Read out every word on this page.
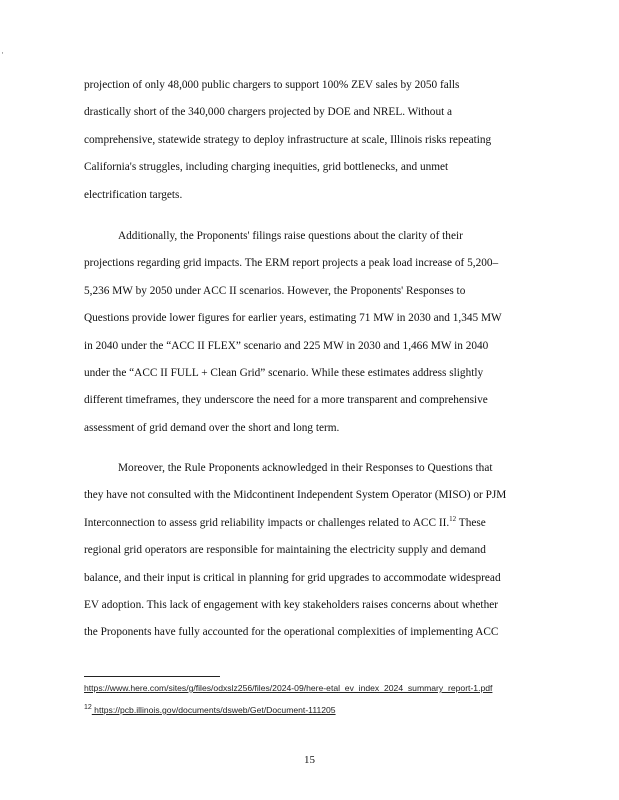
·
projection of only 48,000 public chargers to support 100% ZEV sales by 2050 falls
drastically short of the 340,000 chargers projected by DOE and NREL. Without a
comprehensive, statewide strategy to deploy infrastructure at scale, Illinois risks repeating
California's struggles, including charging inequities, grid bottlenecks, and unmet
electrification targets.
Additionally, the Proponents' filings raise questions about the clarity of their
projections regarding grid impacts. The ERM report projects a peak load increase of 5,200–
5,236 MW by 2050 under ACC II scenarios. However, the Proponents' Responses to
Questions provide lower figures for earlier years, estimating 71 MW in 2030 and 1,345 MW
in 2040 under the “ACC II FLEX” scenario and 225 MW in 2030 and 1,466 MW in 2040
under the “ACC II FULL + Clean Grid” scenario. While these estimates address slightly
different timeframes, they underscore the need for a more transparent and comprehensive
assessment of grid demand over the short and long term.
Moreover, the Rule Proponents acknowledged in their Responses to Questions that
they have not consulted with the Midcontinent Independent System Operator (MISO) or PJM
Interconnection to assess grid reliability impacts or challenges related to ACC II.$^{12}$ These
regional grid operators are responsible for maintaining the electricity supply and demand
balance, and their input is critical in planning for grid upgrades to accommodate widespread
EV adoption. This lack of engagement with key stakeholders raises concerns about whether
the Proponents have fully accounted for the operational complexities of implementing ACC

https://www.here.com/sites/g/files/odxslz256/files/2024-09/here-etal_ev_index_2024_summary_report-1.pdf

$^{12}$ https://pcb.illinois.gov/documents/dsweb/Get/Document-111205

15
